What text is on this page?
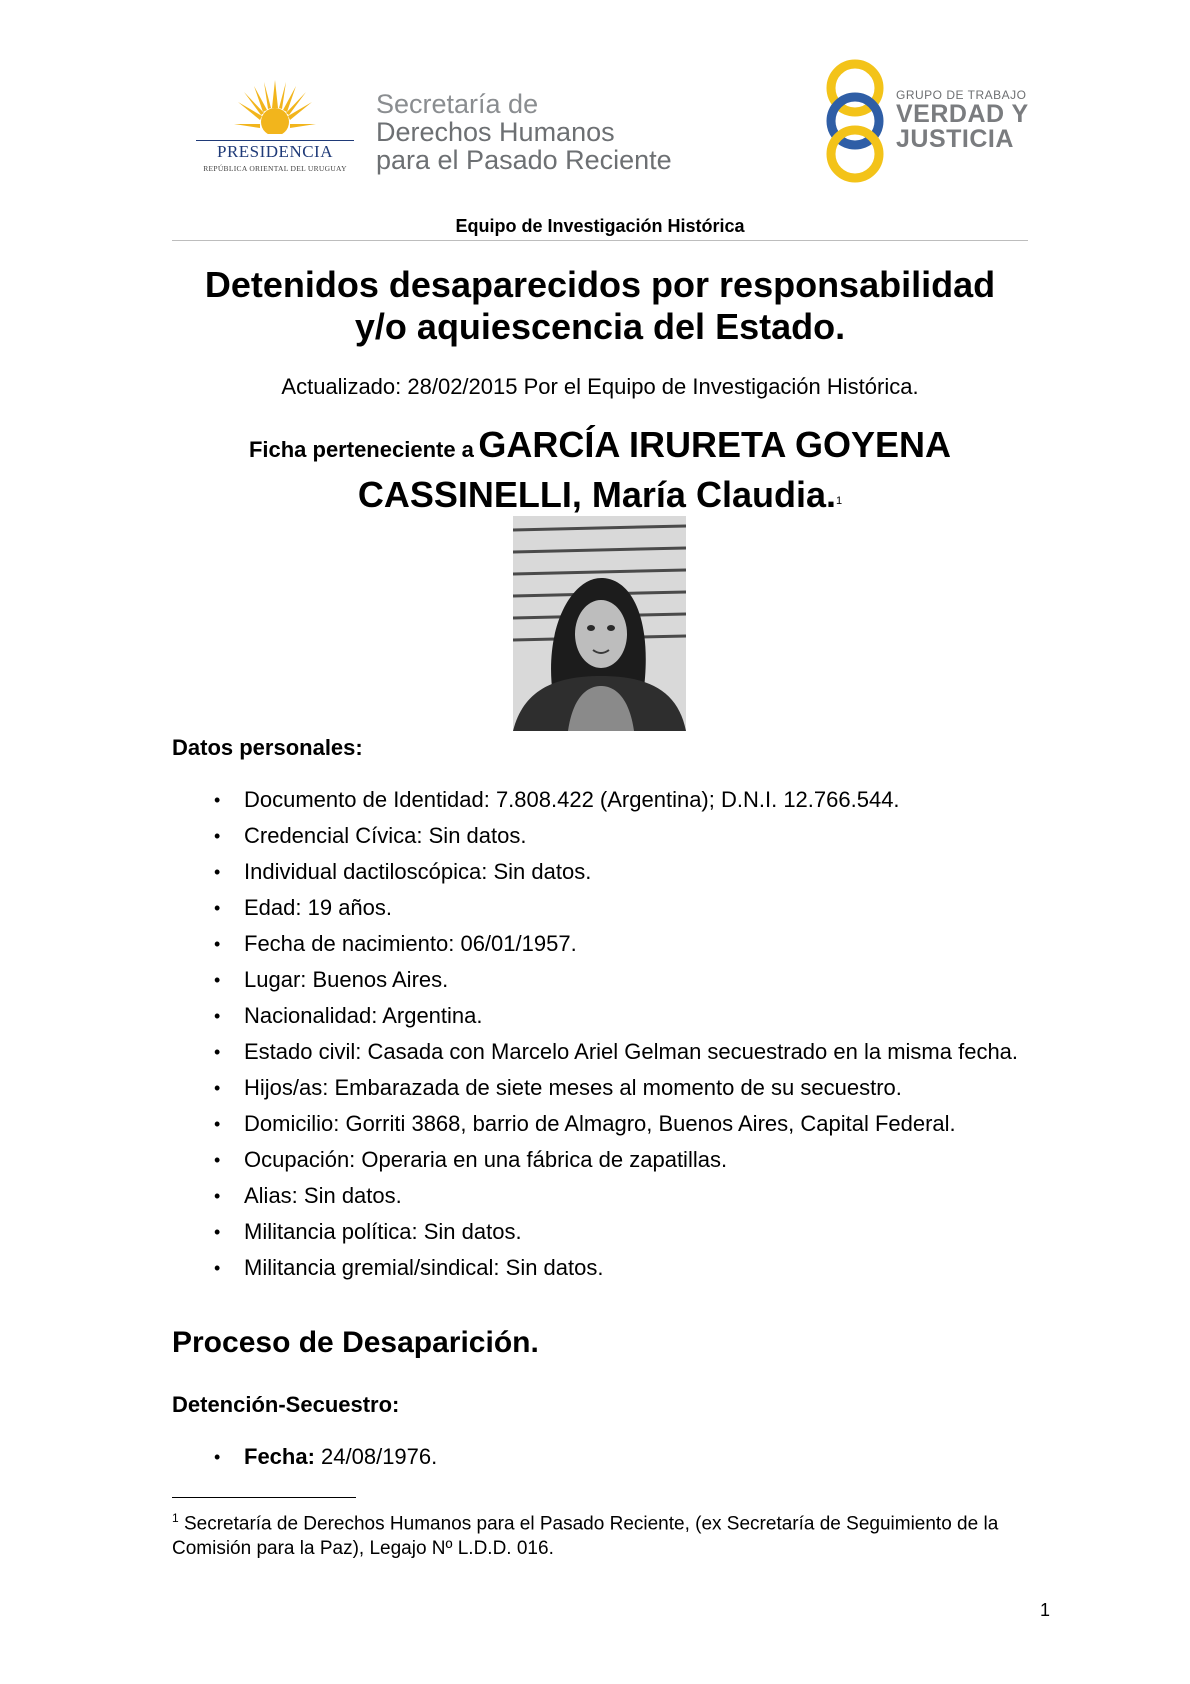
PRESIDENCIA
REPÚBLICA ORIENTAL DEL URUGUAY
Secretaría de
Derechos Humanos
para el Pasado Reciente
GRUPO DE TRABAJO
VERDAD Y
JUSTICIA
Equipo de Investigación Histórica
Detenidos desaparecidos por responsabilidad
y/o aquiescencia del Estado.
Actualizado: 28/02/2015 Por el Equipo de Investigación Histórica.
Ficha perteneciente a GARCÍA IRURETA GOYENA
CASSINELLI, María Claudia.$^1$
Datos personales:
• Documento de Identidad: 7.808.422 (Argentina); D.N.I. 12.766.544.
• Credencial Cívica: Sin datos.
• Individual dactiloscópica: Sin datos.
• Edad: 19 años.
• Fecha de nacimiento: 06/01/1957.
• Lugar: Buenos Aires.
• Nacionalidad: Argentina.
• Estado civil: Casada con Marcelo Ariel Gelman secuestrado en la misma fecha.
• Hijos/as: Embarazada de siete meses al momento de su secuestro.
• Domicilio: Gorriti 3868, barrio de Almagro, Buenos Aires, Capital Federal.
• Ocupación: Operaria en una fábrica de zapatillas.
• Alias: Sin datos.
• Militancia política: Sin datos.
• Militancia gremial/sindical: Sin datos.
Proceso de Desaparición.
Detención-Secuestro:
• Fecha: 24/08/1976.
$^1$ Secretaría de Derechos Humanos para el Pasado Reciente, (ex Secretaría de Seguimiento de la Comisión para la Paz), Legajo Nº L.D.D. 016.
1
